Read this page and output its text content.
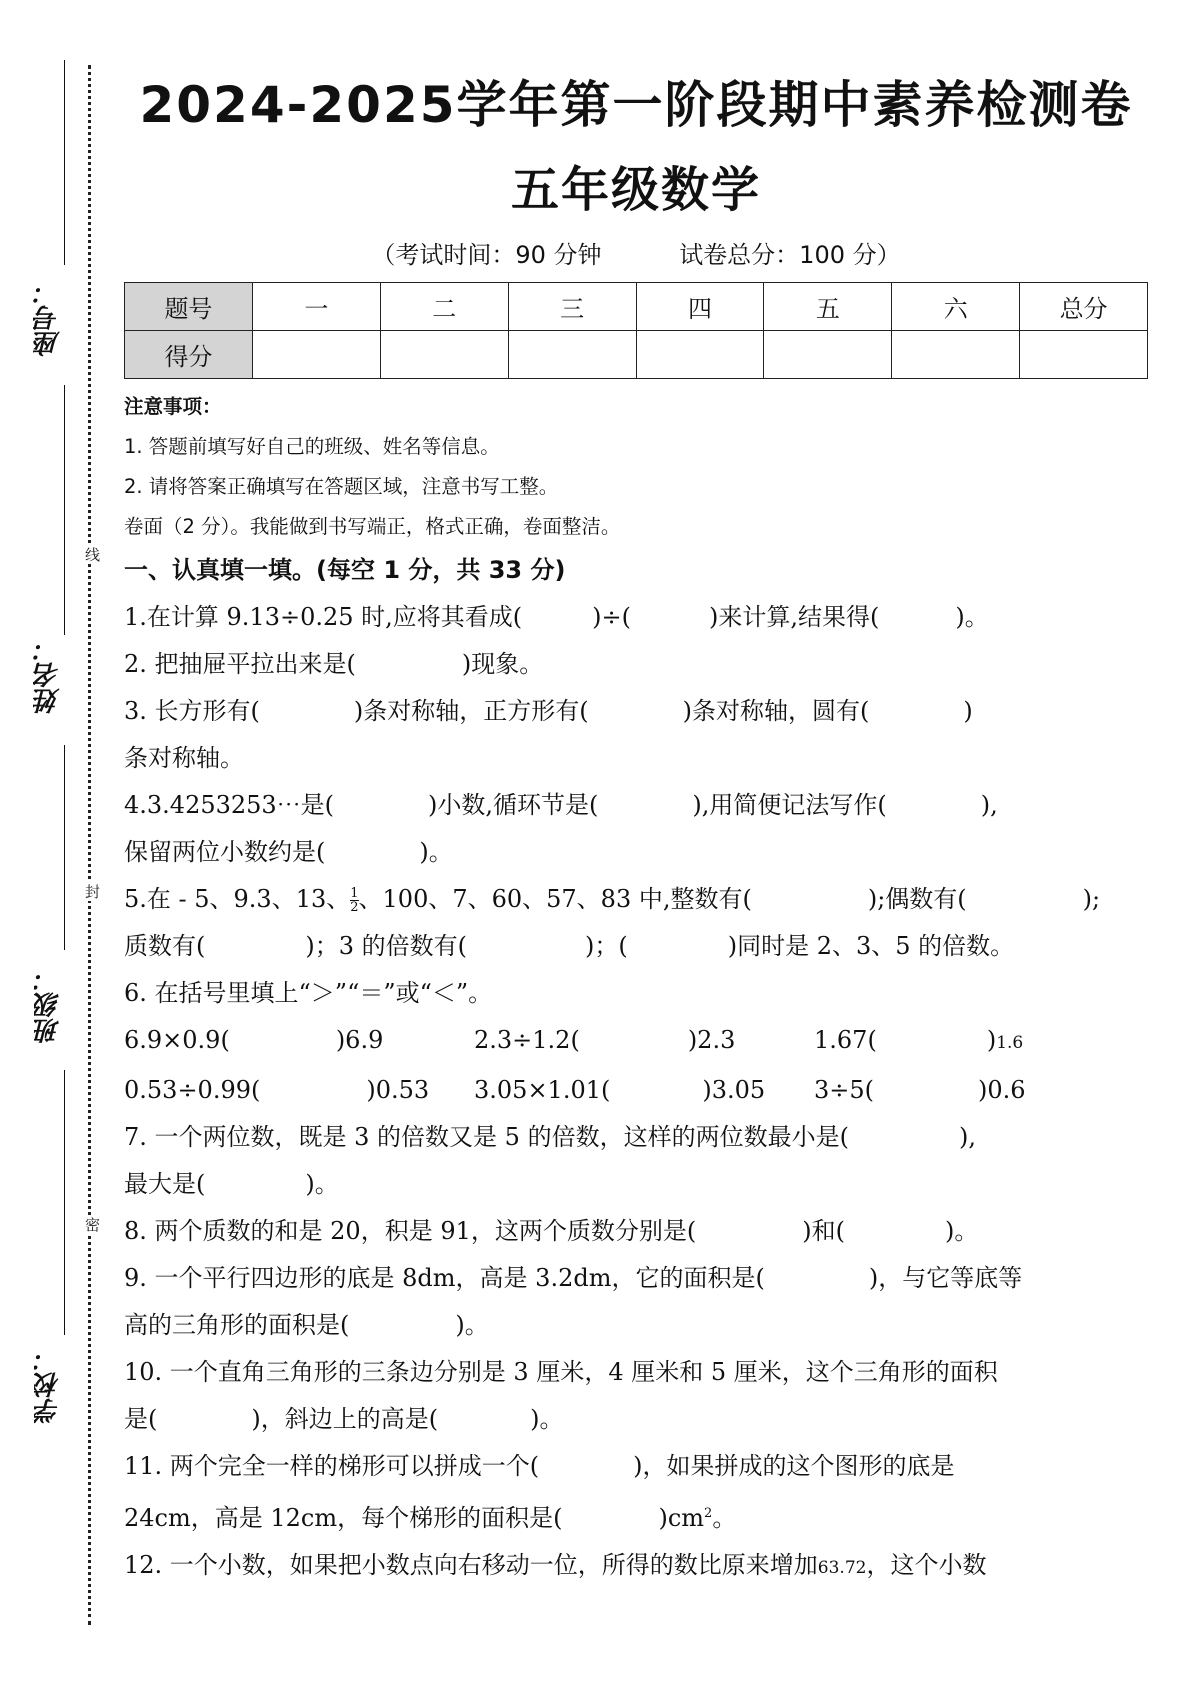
座号：
姓名：
班级：
学校：
线
封
密
2024-2025学年第一阶段期中素养检测卷
五年级数学
（考试时间：90 分钟	试卷总分：100 分）
题号	一	二	三	四	五	六	总分
得分							
注意事项：
1. 答题前填写好自己的班级、姓名等信息。
2. 请将答案正确填写在答题区域，注意书写工整。
卷面（2 分）。我能做到书写端正，格式正确，卷面整洁。
一、认真填一填。(每空 1 分，共 33 分)
1.在计算 9.13÷0.25 时,应将其看成(	)÷(	)来计算,结果得(	)。
2. 把抽屉平拉出来是(	)现象。
3. 长方形有(	)条对称轴，正方形有(	)条对称轴，圆有(	)
条对称轴。
4.3.4253253⋯是(	)小数,循环节是(	),用简便记法写作(	),
保留两位小数约是(	)。
5.在 - 5、9.3、13、 $\frac{1}{2}$ 、100、7、60、57、83 中,整数有(	);偶数有(	);
质数有(	)；3 的倍数有(	)；(	)同时是 2、3、5 的倍数。
6. 在括号里填上“＞”“＝”或“＜”。
6.9×0.9(	)6.9	2.3÷1.2(	)2.3	1.67(	)1.6
0.53÷0.99(	)0.53	3.05×1.01(	)3.05	3÷5(	)0.6
7. 一个两位数，既是 3 的倍数又是 5 的倍数，这样的两位数最小是(	),
最大是(	)。
8. 两个质数的和是 20，积是 91，这两个质数分别是(	)和(	)。
9. 一个平行四边形的底是 8dm，高是 3.2dm，它的面积是(	)，与它等底等
高的三角形的面积是(	)。
10. 一个直角三角形的三条边分别是 3 厘米，4 厘米和 5 厘米，这个三角形的面积
是(	)，斜边上的高是(	)。
11. 两个完全一样的梯形可以拼成一个(	)，如果拼成的这个图形的底是
24cm，高是 12cm，每个梯形的面积是(	)$cm^2$。
12. 一个小数，如果把小数点向右移动一位，所得的数比原来增加63.72，这个小数
